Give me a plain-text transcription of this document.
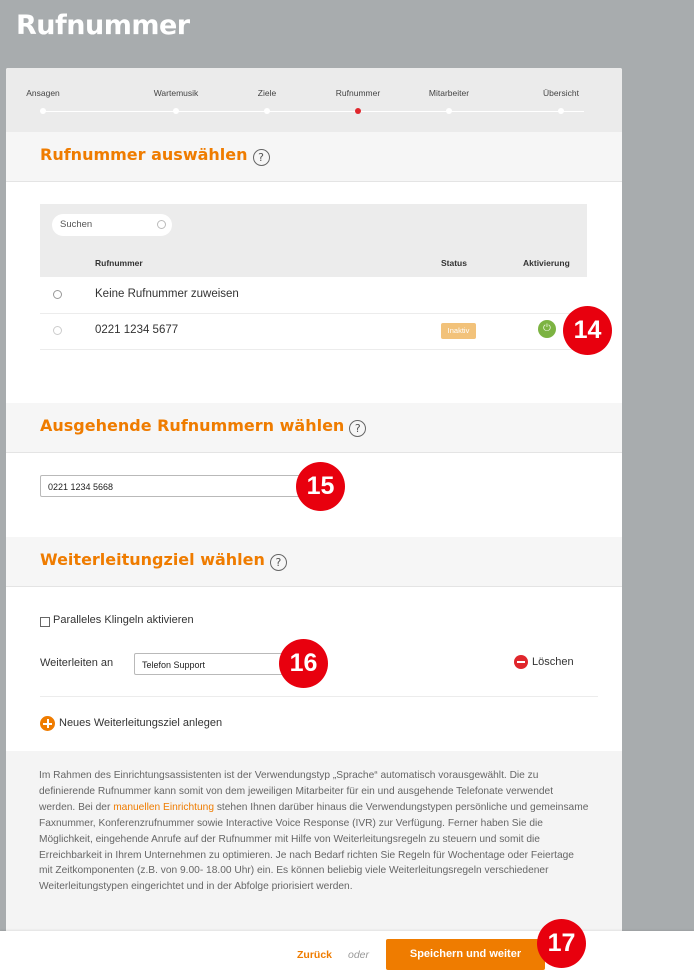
Rufnummer
Ansagen	Wartemusik	Ziele	Rufnummer	Mitarbeiter	Übersicht
Rufnummer auswählen ?
Suchen
Rufnummer	Status	Aktivierung
Keine Rufnummer zuweisen
0221 1234 5677	Inaktiv	⏻
Ausgehende Rufnummern wählen ?
0221 1234 5668
Weiterleitungziel wählen ?
Paralleles Klingeln aktivieren
Weiterleiten an	Telefon Support	Löschen
Neues Weiterleitungsziel anlegen

Im Rahmen des Einrichtungsassistenten ist der Verwendungstyp „Sprache“ automatisch vorausgewählt. Die zu definierende Rufnummer kann somit von dem jeweiligen Mitarbeiter für ein und ausgehende Telefonate verwendet werden. Bei der manuellen Einrichtung stehen Ihnen darüber hinaus die Verwendungstypen persönliche und gemeinsame Faxnummer, Konferenzrufnummer sowie Interactive Voice Response (IVR) zur Verfügung. Ferner haben Sie die Möglichkeit, eingehende Anrufe auf der Rufnummer mit Hilfe von Weiterleitungsregeln zu steuern und somit die Erreichbarkeit in Ihrem Unternehmen zu optimieren. Je nach Bedarf richten Sie Regeln für Wochentage oder Feiertage mit Zeitkomponenten (z.B. von 9.00- 18.00 Uhr) ein. Es können beliebig viele Weiterleitungsregeln verschiedener Weiterleitungstypen eingerichtet und in der Abfolge priorisiert werden.

14
15
16
Zurück oder	Speichern und weiter	17
